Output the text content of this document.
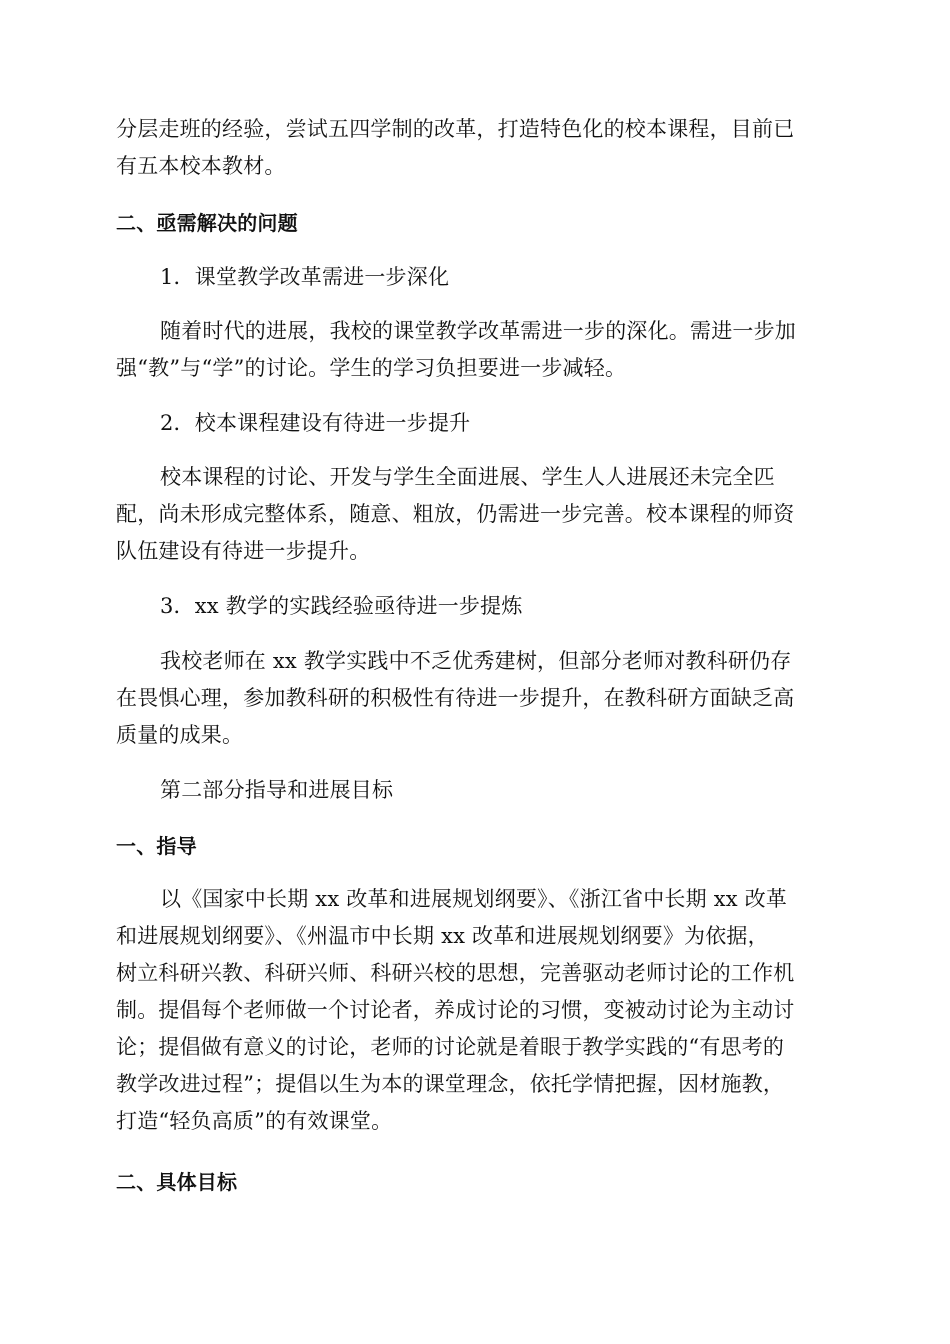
分层走班的经验，尝试五四学制的改革，打造特色化的校本课程，目前已
有五本校本教材。
二、亟需解决的问题
1．课堂教学改革需进一步深化
随着时代的进展，我校的课堂教学改革需进一步的深化。需进一步加
强“教”与“学”的讨论。学生的学习负担要进一步减轻。
2．校本课程建设有待进一步提升
校本课程的讨论、开发与学生全面进展、学生人人进展还未完全匹
配，尚未形成完整体系，随意、粗放，仍需进一步完善。校本课程的师资
队伍建设有待进一步提升。
3．xx 教学的实践经验亟待进一步提炼
我校老师在 xx 教学实践中不乏优秀建树，但部分老师对教科研仍存
在畏惧心理，参加教科研的积极性有待进一步提升，在教科研方面缺乏高
质量的成果。
第二部分指导和进展目标
一、指导
以《国家中长期 xx 改革和进展规划纲要》、《浙江省中长期 xx 改革
和进展规划纲要》、《州温市中长期 xx 改革和进展规划纲要》为依据，
树立科研兴教、科研兴师、科研兴校的思想，完善驱动老师讨论的工作机
制。提倡每个老师做一个讨论者，养成讨论的习惯，变被动讨论为主动讨
论；提倡做有意义的讨论，老师的讨论就是着眼于教学实践的“有思考的
教学改进过程”；提倡以生为本的课堂理念，依托学情把握，因材施教，
打造“轻负高质”的有效课堂。
二、具体目标
